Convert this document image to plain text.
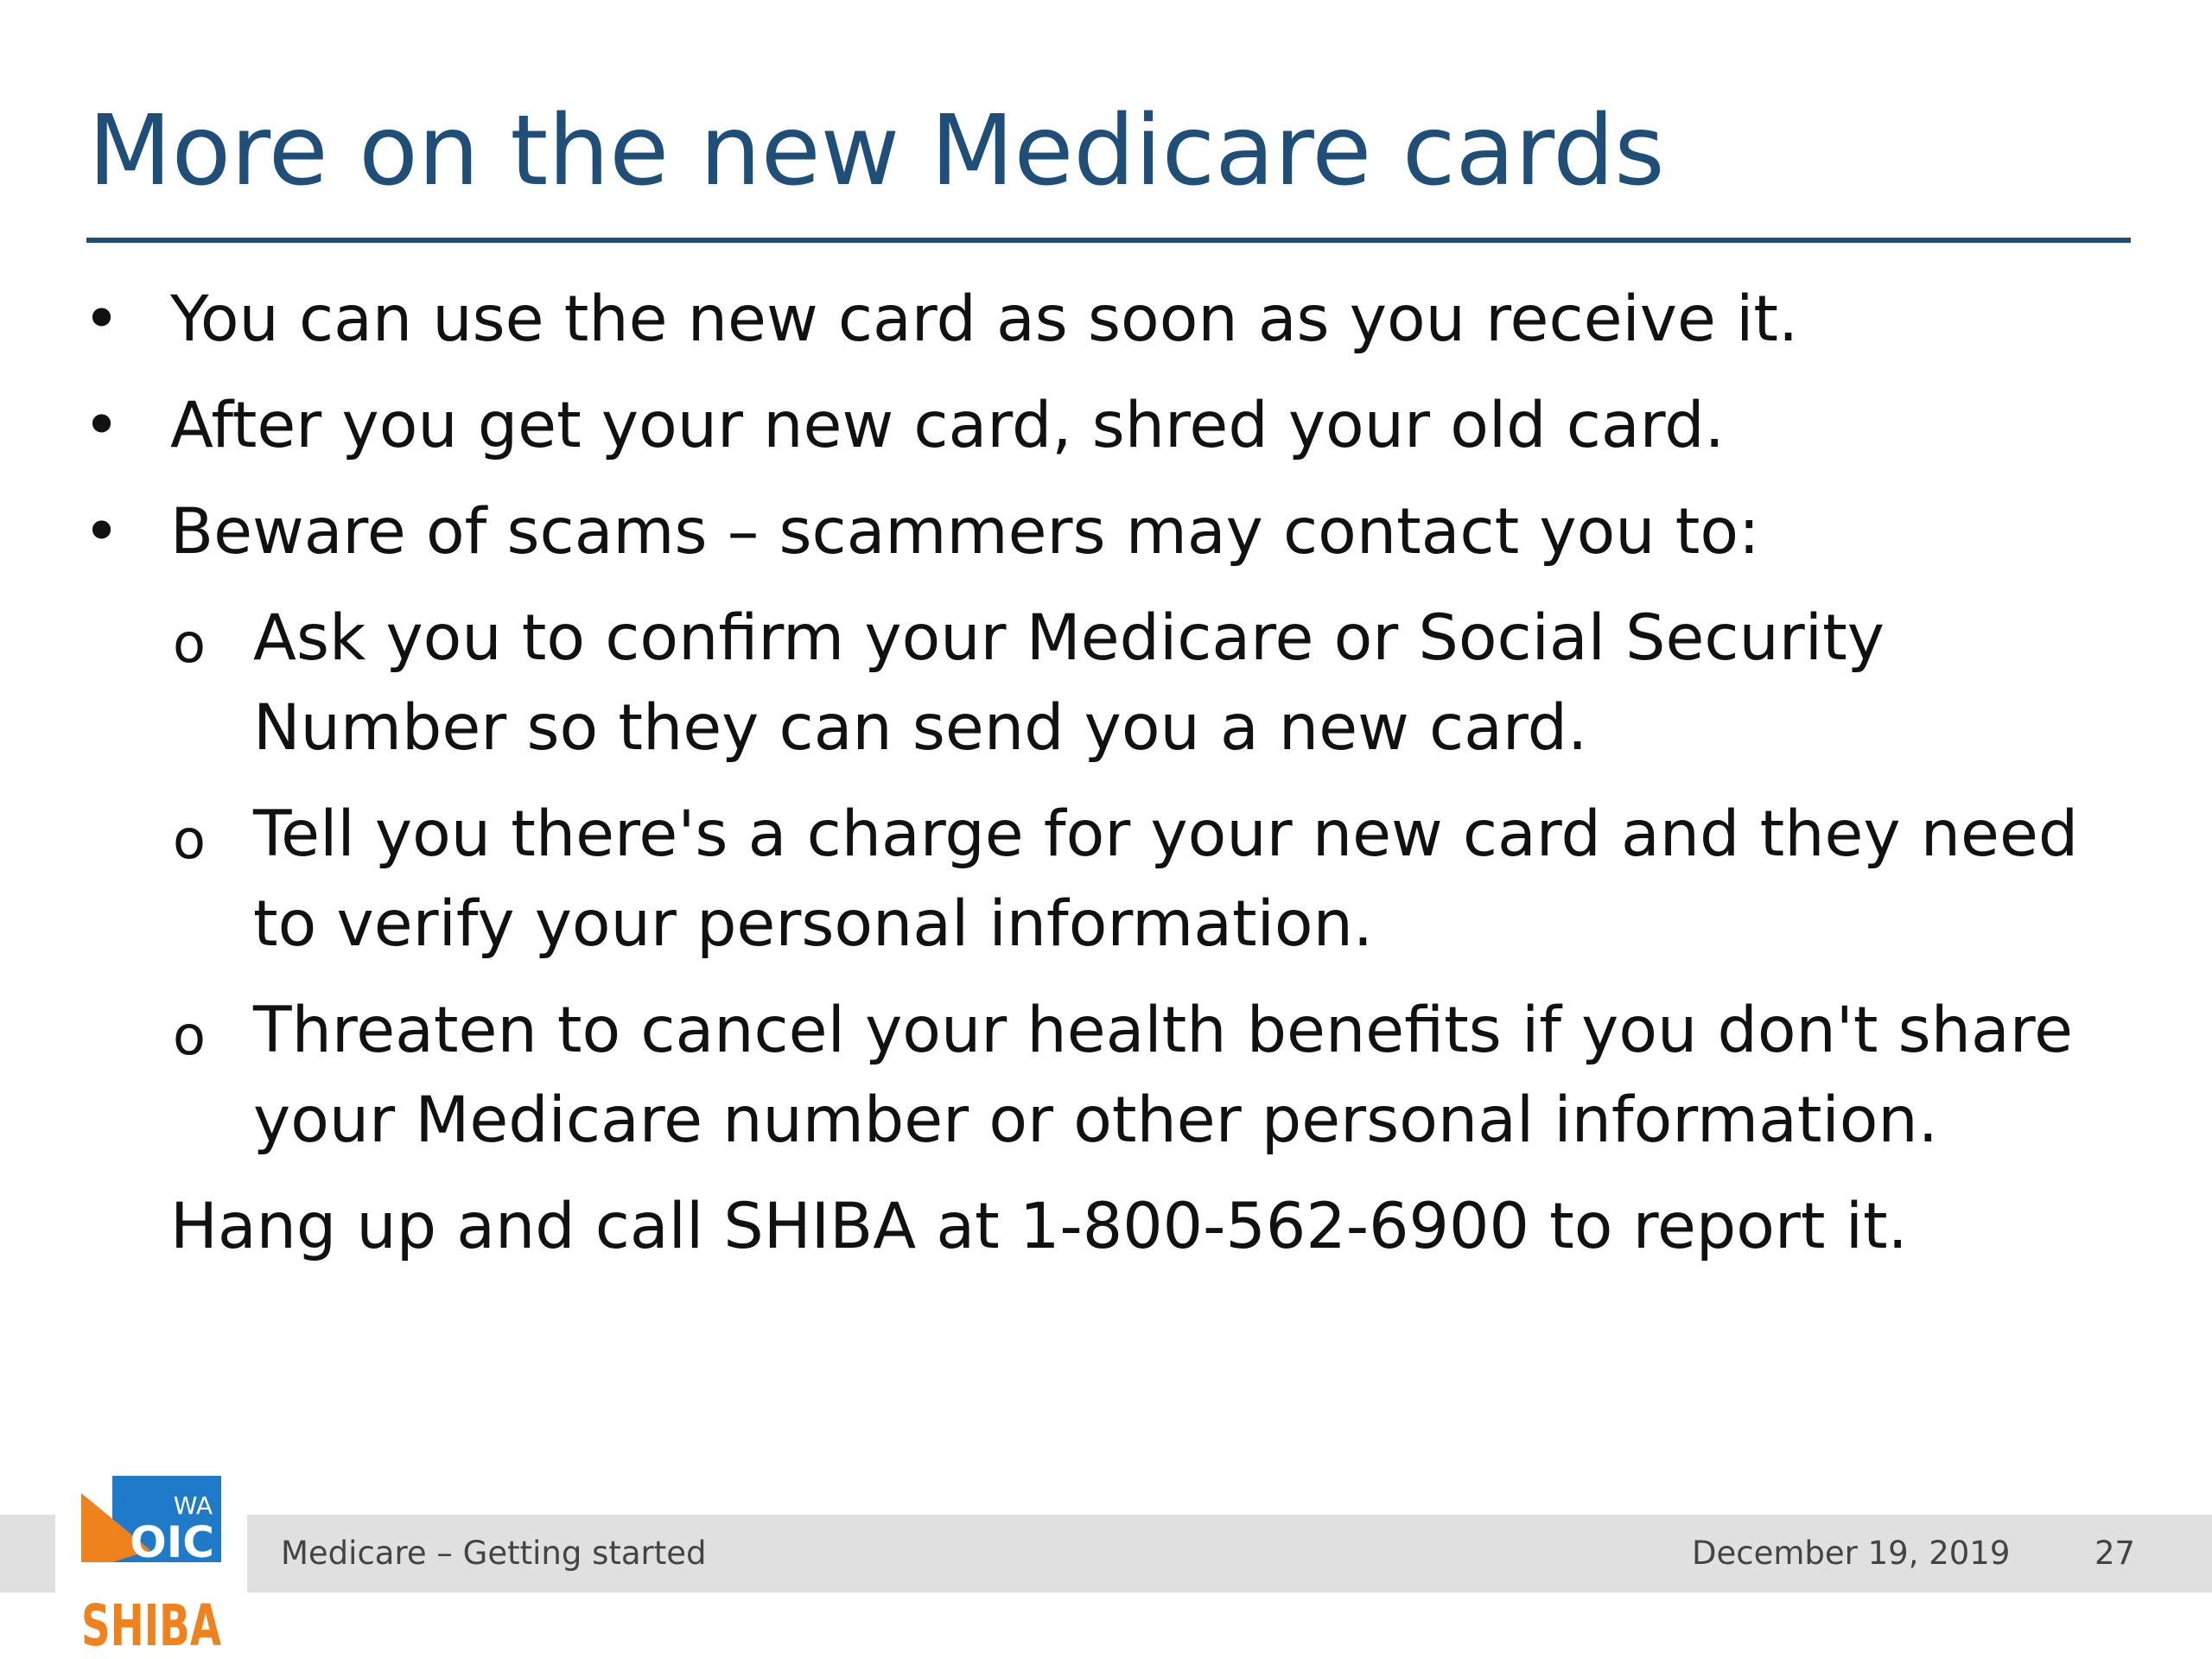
More on the new Medicare cards
• You can use the new card as soon as you receive it.
• After you get your new card, shred your old card.
• Beware of scams – scammers may contact you to:
o Ask you to confirm your Medicare or Social Security Number so they can send you a new card.
o Tell you there's a charge for your new card and they need to verify your personal information.
o Threaten to cancel your health benefits if you don't share your Medicare number or other personal information.
Hang up and call SHIBA at 1-800-562-6900 to report it.
Medicare – Getting started	December 19, 2019	27
WA
OIC
SHIBA
